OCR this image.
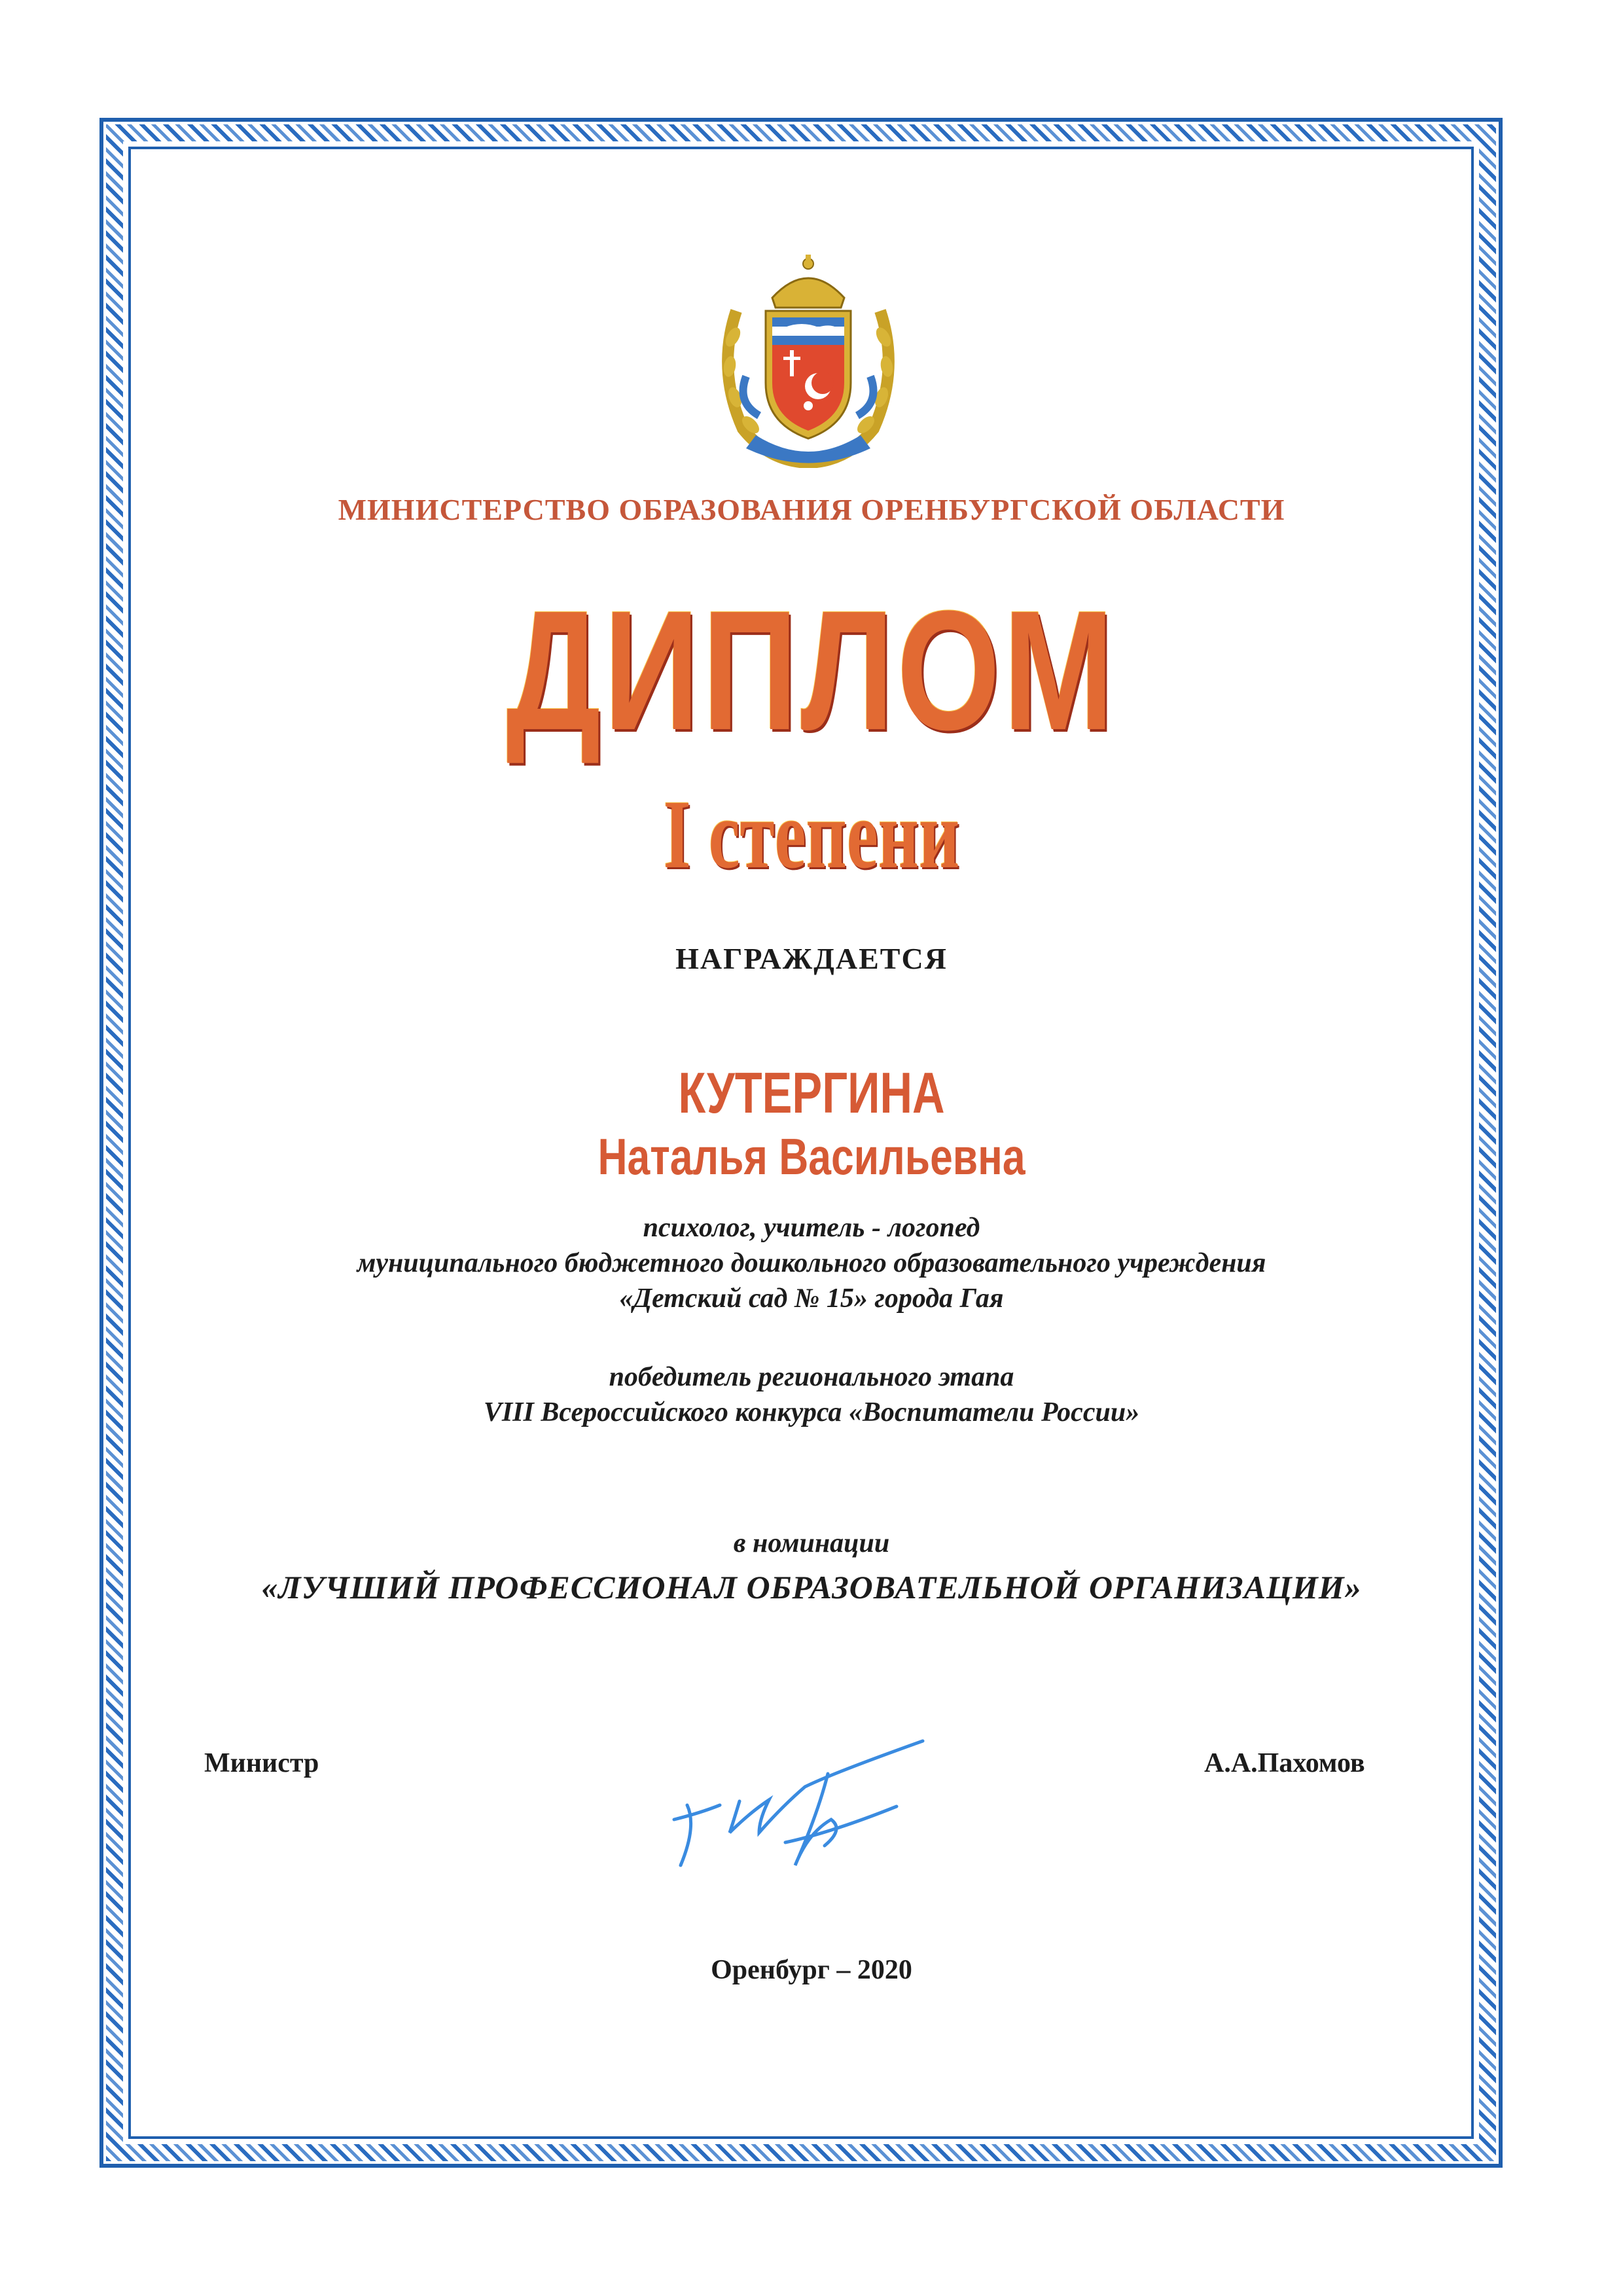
МИНИСТЕРСТВО ОБРАЗОВАНИЯ ОРЕНБУРГСКОЙ ОБЛАСТИ
ДИПЛОМ
I степени
НАГРАЖДАЕТСЯ
КУТЕРГИНА
Наталья Васильевна
психолог, учитель - логопед
муниципального бюджетного дошкольного образовательного учреждения
«Детский сад № 15» города Гая
победитель регионального этапа
VIII Всероссийского конкурса «Воспитатели России»
в номинации
«ЛУЧШИЙ ПРОФЕССИОНАЛ ОБРАЗОВАТЕЛЬНОЙ ОРГАНИЗАЦИИ»
Министр	А.А.Пахомов
Оренбург – 2020
